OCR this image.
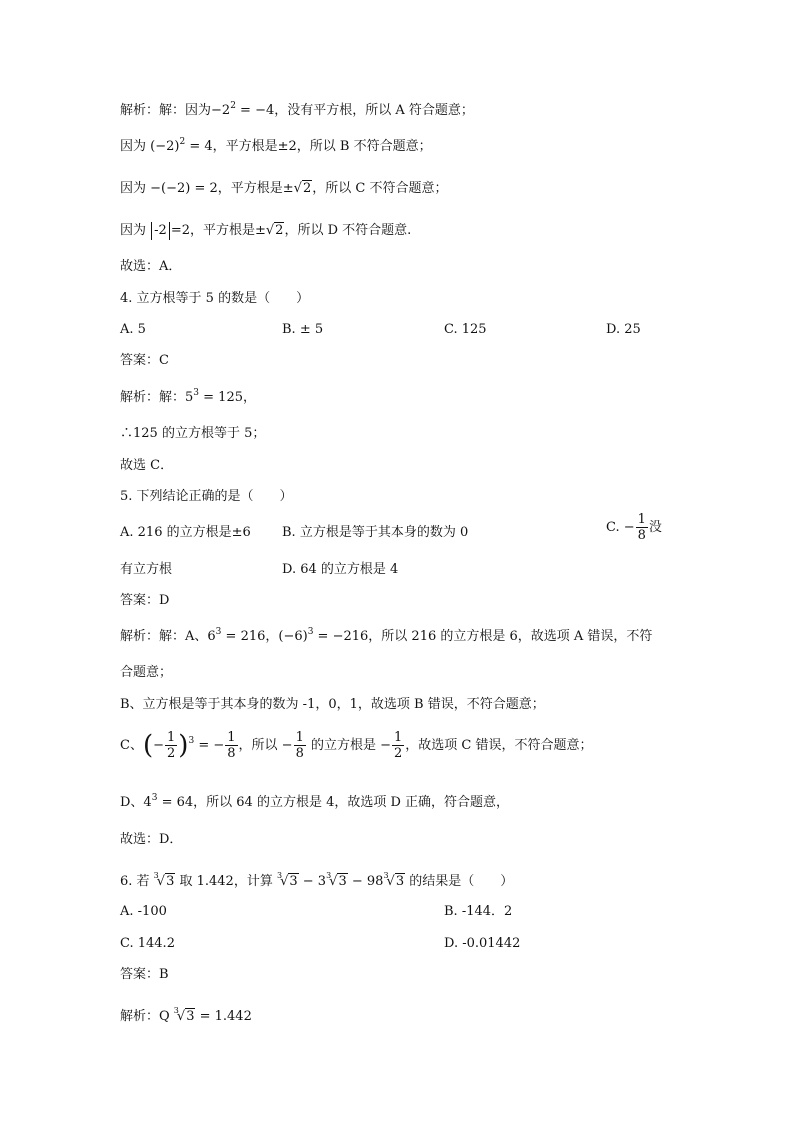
解析：解：因为$-2^2 = -4$，没有平方根，所以 A 符合题意；
因为 $(-2)^2 = 4$，平方根是±2，所以 B 不符合题意；
因为 −(−2) = 2，平方根是±√2，所以 C 不符合题意；
因为 -2 =2，平方根是±√2，所以 D 不符合题意.
故选：A．
4. 立方根等于 5 的数是（　　）
A. 5	B. ± 5	C. 125	D. 25
答案：C
解析：解：$5^3 = 125$，
∴125 的立方根等于 5；
故选 C．
5. 下列结论正确的是（　　）
A. 216 的立方根是±6 B. 立方根是等于其本身的数为 0	C. − $\frac{1}{8}$ 没
有立方根	D. 64 的立方根是 4
答案：D
解析：解：A、$6^3 = 216$，$(-6)^3 = -216$，所以 216 的立方根是 6，故选项 A 错误，不符
合题意；
B、立方根是等于其本身的数为 -1，0，1，故选项 B 错误，不符合题意；
C、(− $\frac{1}{2} )^3$ = − $\frac{1}{8}$ ，所以 − $\frac{1}{8}$ 的立方根是 − $\frac{1}{2}$ ，故选项 C 错误，不符合题意；
D、$4^3 = 64$，所以 64 的立方根是 4，故选项 D 正确，符合题意，
故选：D．
6. 若 $^3$√3 取 1.442，计算 $^3√3 - 3^3√3 - 98^3√3$ 的结果是（　　）
A. -100	B. -144．2
C. 144.2	D. -0.01442
答案：B
解析：Q $^3$√3 = 1.442
